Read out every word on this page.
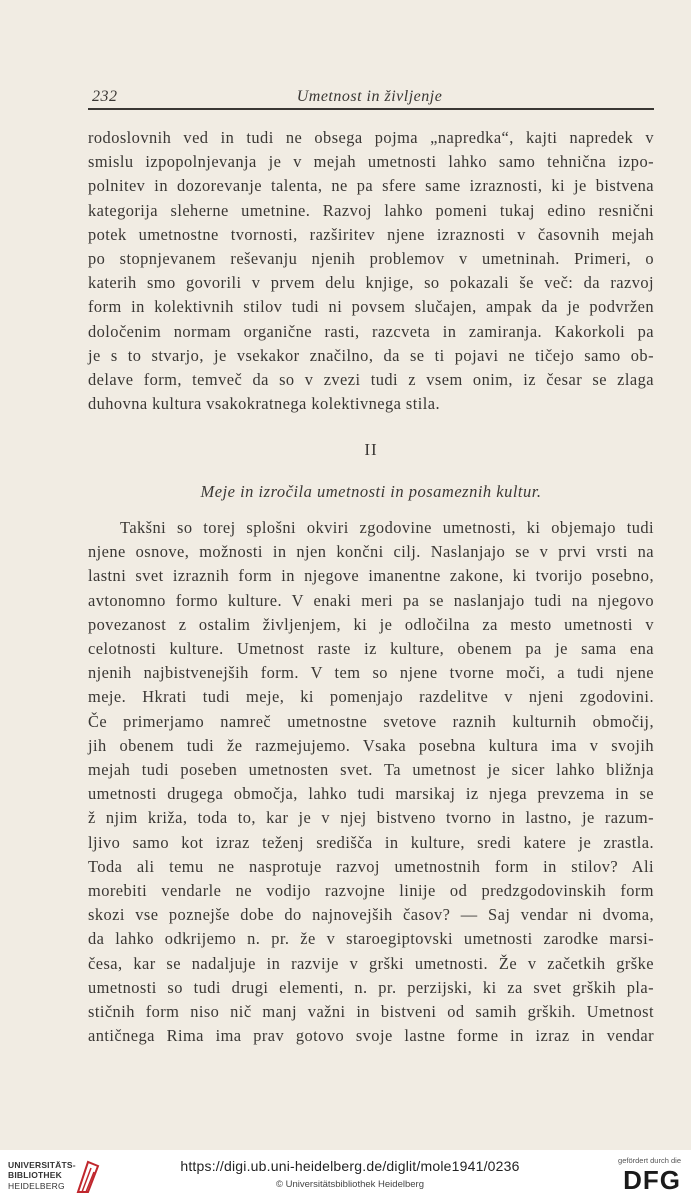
232	Umetnost in življenje
rodoslovnih ved in tudi ne obsega pojma „napredka“, kajti napredek v
smislu izpopolnjevanja je v mejah umetnosti lahko samo tehnična izpo-
polnitev in dozorevanje talenta, ne pa sfere same izraznosti, ki je bistvena
kategorija sleherne umetnine. Razvoj lahko pomeni tukaj edino resnični
potek umetnostne tvornosti, razširitev njene izraznosti v časovnih mejah
po stopnjevanem reševanju njenih problemov v umetninah. Primeri, o
katerih smo govorili v prvem delu knjige, so pokazali še več: da razvoj
form in kolektivnih stilov tudi ni povsem slučajen, ampak da je podvržen
določenim normam organične rasti, razcveta in zamiranja. Kakorkoli pa
je s to stvarjo, je vsekakor značilno, da se ti pojavi ne tičejo samo ob-
delave form, temveč da so v zvezi tudi z vsem onim, iz česar se zlaga
duhovna kultura vsakokratnega kolektivnega stila.
II
Meje in izročila umetnosti in posameznih kultur.
Takšni so torej splošni okviri zgodovine umetnosti, ki objemajo tudi
njene osnove, možnosti in njen končni cilj. Naslanjajo se v prvi vrsti na
lastni svet izraznih form in njegove imanentne zakone, ki tvorijo posebno,
avtonomno formo kulture. V enaki meri pa se naslanjajo tudi na njegovo
povezanost z ostalim življenjem, ki je odločilna za mesto umetnosti v
celotnosti kulture. Umetnost raste iz kulture, obenem pa je sama ena
njenih najbistvenejših form. V tem so njene tvorne moči, a tudi njene
meje. Hkrati tudi meje, ki pomenjajo razdelitve v njeni zgodovini.
Če primerjamo namreč umetnostne svetove raznih kulturnih območij,
jih obenem tudi že razmejujemo. Vsaka posebna kultura ima v svojih
mejah tudi poseben umetnosten svet. Ta umetnost je sicer lahko bližnja
umetnosti drugega območja, lahko tudi marsikaj iz njega prevzema in se
ž njim križa, toda to, kar je v njej bistveno tvorno in lastno, je razum-
ljivo samo kot izraz teženj središča in kulture, sredi katere je zrastla.
Toda ali temu ne nasprotuje razvoj umetnostnih form in stilov? Ali
morebiti vendarle ne vodijo razvojne linije od predzgodovinskih form
skozi vse poznejše dobe do najnovejših časov? — Saj vendar ni dvoma,
da lahko odkrijemo n. pr. že v staroegiptovski umetnosti zarodke marsi-
česa, kar se nadaljuje in razvije v grški umetnosti. Že v začetkih grške
umetnosti so tudi drugi elementi, n. pr. perzijski, ki za svet grških pla-
stičnih form niso nič manj važni in bistveni od samih grških. Umetnost
antičnega Rima ima prav gotovo svoje lastne forme in izraz in vendar
UNIVERSITÄTS-
BIBLIOTHEK
HEIDELBERG
https://digi.ub.uni-heidelberg.de/diglit/mole1941/0236
© Universitätsbibliothek Heidelberg
gefördert durch die
DFG
